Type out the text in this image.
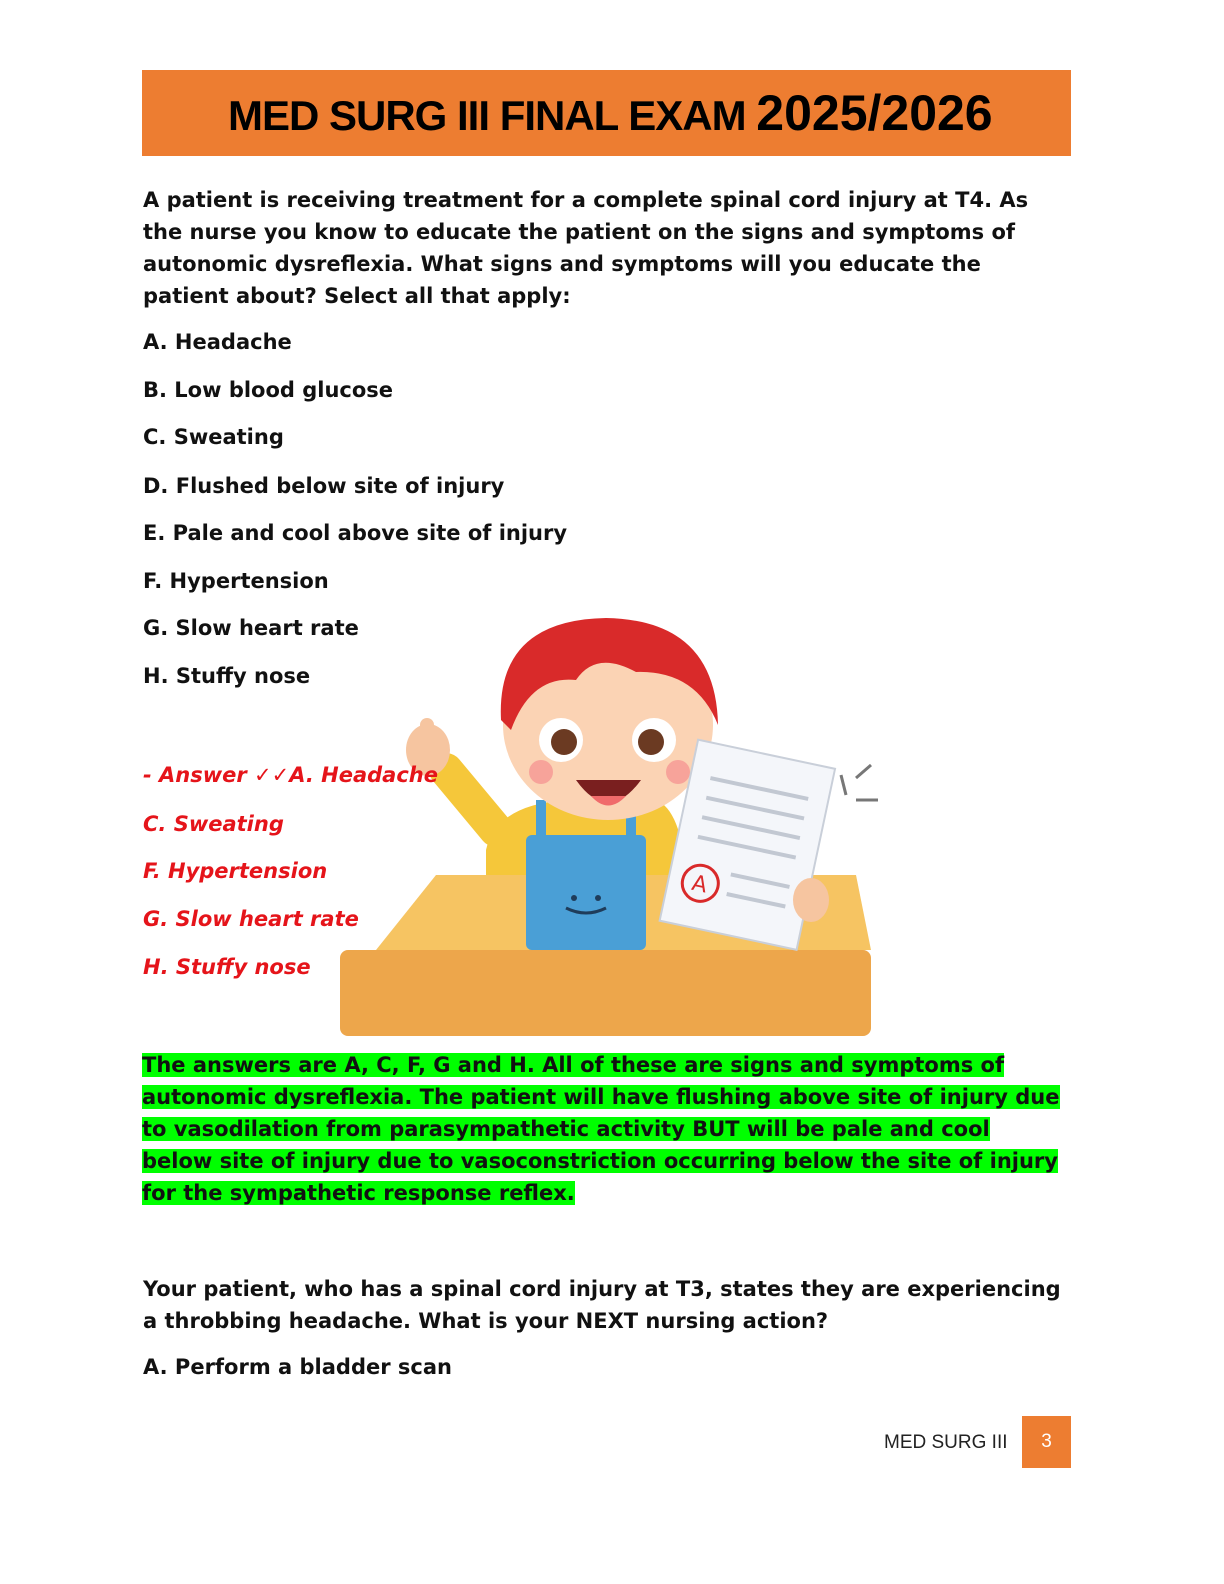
MED SURG III FINAL EXAM 2025/2026

A patient is receiving treatment for a complete spinal cord injury at T4. As the nurse you know to educate the patient on the signs and symptoms of autonomic dysreflexia. What signs and symptoms will you educate the patient about? Select all that apply:

A. Headache

B. Low blood glucose

C. Sweating

D. Flushed below site of injury

E. Pale and cool above site of injury

F. Hypertension

G. Slow heart rate

H. Stuffy nose

A

- Answer ✓✓A. Headache

C. Sweating

F. Hypertension

G. Slow heart rate

H. Stuffy nose

The answers are A, C, F, G and H. All of these are signs and symptoms of autonomic dysreflexia. The patient will have flushing above site of injury due to vasodilation from parasympathetic activity BUT will be pale and cool below site of injury due to vasoconstriction occurring below the site of injury for the sympathetic response reflex.

Your patient, who has a spinal cord injury at T3, states they are experiencing a throbbing headache. What is your NEXT nursing action?

A. Perform a bladder scan

MED SURG III	3
